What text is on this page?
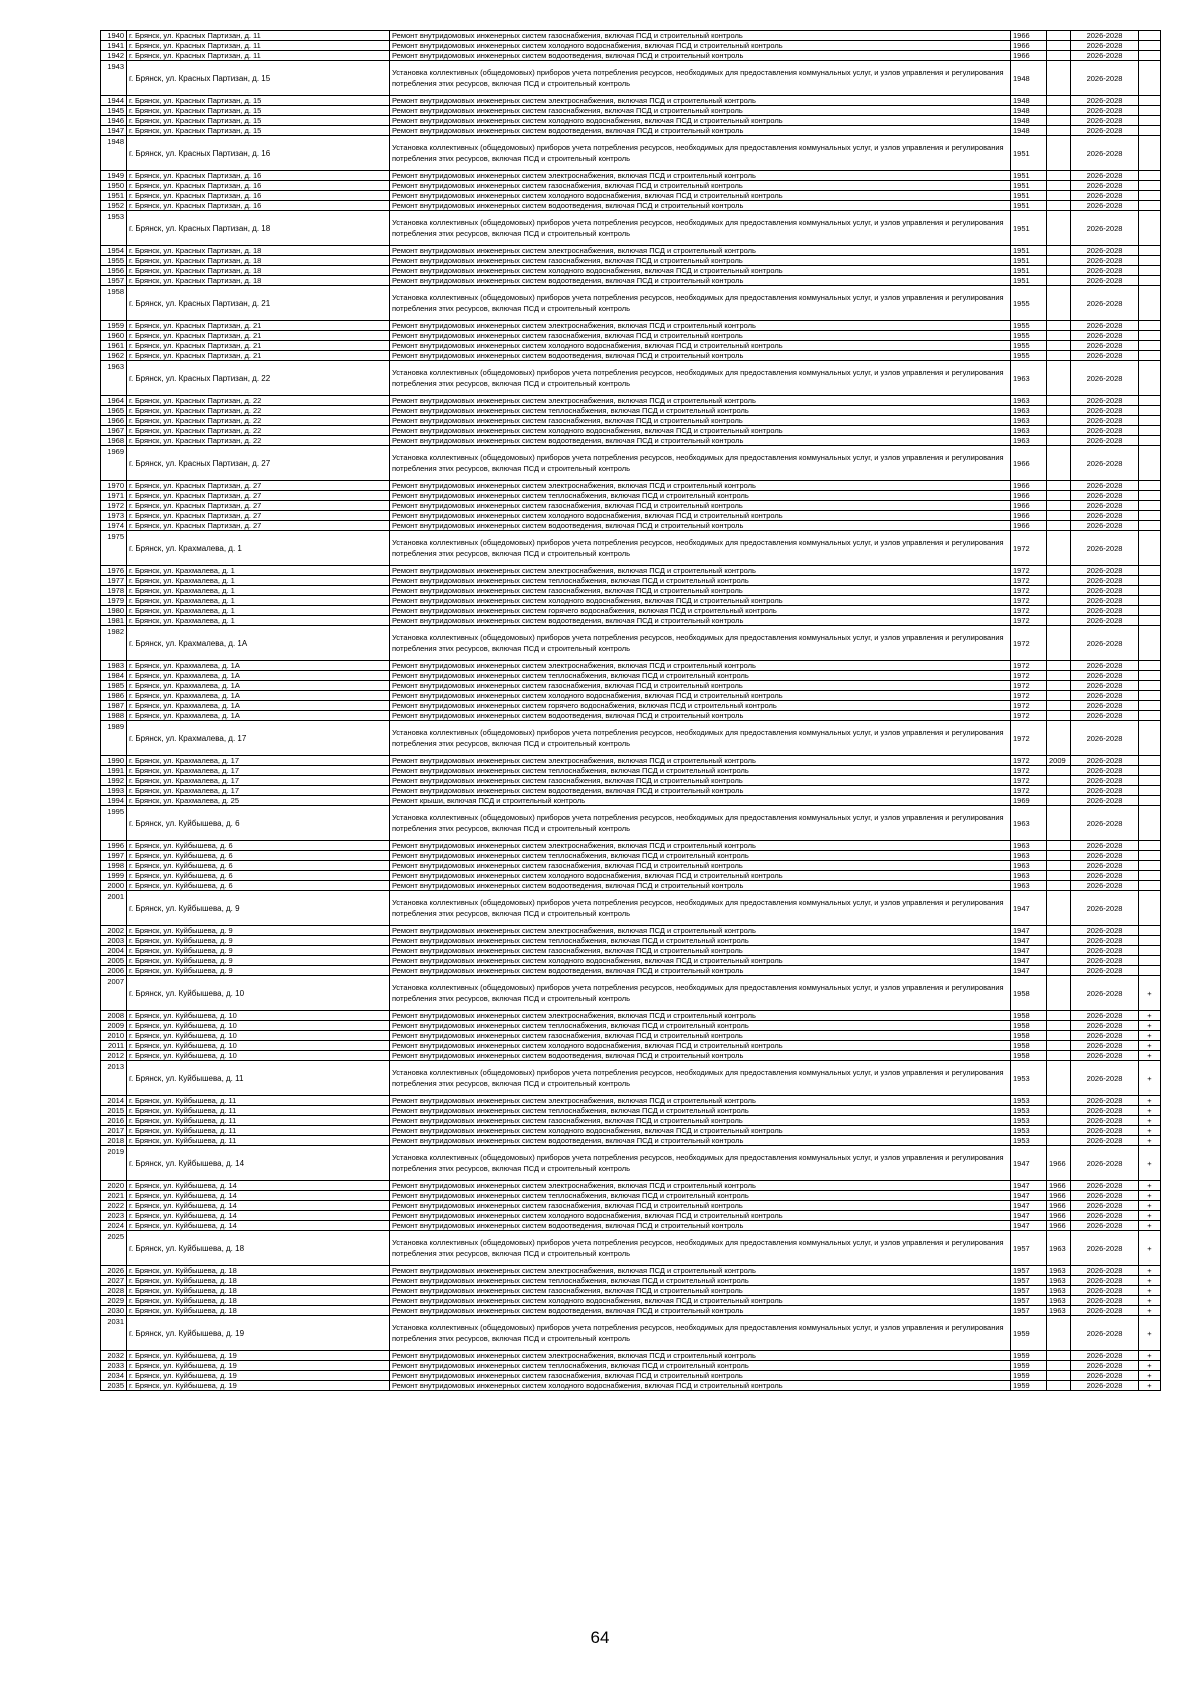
1940	г. Брянск, ул. Красных Партизан, д. 11	Ремонт внутридомовых инженерных систем газоснабжения, включая ПСД и строительный контроль	1966		2026-2028	
1941	г. Брянск, ул. Красных Партизан, д. 11	Ремонт внутридомовых инженерных систем холодного водоснабжения, включая ПСД и строительный контроль	1966		2026-2028	
1942	г. Брянск, ул. Красных Партизан, д. 11	Ремонт внутридомовых инженерных систем водоотведения, включая ПСД и строительный контроль	1966		2026-2028	
1943	г. Брянск, ул. Красных Партизан, д. 15	Установка коллективных (общедомовых) приборов учета потребления ресурсов, необходимых для предоставления коммунальных услуг, и узлов управления и регулирования потребления этих ресурсов, включая ПСД и строительный контроль	1948		2026-2028	
1944	г. Брянск, ул. Красных Партизан, д. 15	Ремонт внутридомовых инженерных систем электроснабжения, включая ПСД и строительный контроль	1948		2026-2028	
1945	г. Брянск, ул. Красных Партизан, д. 15	Ремонт внутридомовых инженерных систем газоснабжения, включая ПСД и строительный контроль	1948		2026-2028	
1946	г. Брянск, ул. Красных Партизан, д. 15	Ремонт внутридомовых инженерных систем холодного водоснабжения, включая ПСД и строительный контроль	1948		2026-2028	
1947	г. Брянск, ул. Красных Партизан, д. 15	Ремонт внутридомовых инженерных систем водоотведения, включая ПСД и строительный контроль	1948		2026-2028	
1948	г. Брянск, ул. Красных Партизан, д. 16	Установка коллективных (общедомовых) приборов учета потребления ресурсов, необходимых для предоставления коммунальных услуг, и узлов управления и регулирования потребления этих ресурсов, включая ПСД и строительный контроль	1951		2026-2028	
1949	г. Брянск, ул. Красных Партизан, д. 16	Ремонт внутридомовых инженерных систем электроснабжения, включая ПСД и строительный контроль	1951		2026-2028	
1950	г. Брянск, ул. Красных Партизан, д. 16	Ремонт внутридомовых инженерных систем газоснабжения, включая ПСД и строительный контроль	1951		2026-2028	
1951	г. Брянск, ул. Красных Партизан, д. 16	Ремонт внутридомовых инженерных систем холодного водоснабжения, включая ПСД и строительный контроль	1951		2026-2028	
1952	г. Брянск, ул. Красных Партизан, д. 16	Ремонт внутридомовых инженерных систем водоотведения, включая ПСД и строительный контроль	1951		2026-2028	
1953	г. Брянск, ул. Красных Партизан, д. 18	Установка коллективных (общедомовых) приборов учета потребления ресурсов, необходимых для предоставления коммунальных услуг, и узлов управления и регулирования потребления этих ресурсов, включая ПСД и строительный контроль	1951		2026-2028	
1954	г. Брянск, ул. Красных Партизан, д. 18	Ремонт внутридомовых инженерных систем электроснабжения, включая ПСД и строительный контроль	1951		2026-2028	
1955	г. Брянск, ул. Красных Партизан, д. 18	Ремонт внутридомовых инженерных систем газоснабжения, включая ПСД и строительный контроль	1951		2026-2028	
1956	г. Брянск, ул. Красных Партизан, д. 18	Ремонт внутридомовых инженерных систем холодного водоснабжения, включая ПСД и строительный контроль	1951		2026-2028	
1957	г. Брянск, ул. Красных Партизан, д. 18	Ремонт внутридомовых инженерных систем водоотведения, включая ПСД и строительный контроль	1951		2026-2028	
1958	г. Брянск, ул. Красных Партизан, д. 21	Установка коллективных (общедомовых) приборов учета потребления ресурсов, необходимых для предоставления коммунальных услуг, и узлов управления и регулирования потребления этих ресурсов, включая ПСД и строительный контроль	1955		2026-2028	
1959	г. Брянск, ул. Красных Партизан, д. 21	Ремонт внутридомовых инженерных систем электроснабжения, включая ПСД и строительный контроль	1955		2026-2028	
1960	г. Брянск, ул. Красных Партизан, д. 21	Ремонт внутридомовых инженерных систем газоснабжения, включая ПСД и строительный контроль	1955		2026-2028	
1961	г. Брянск, ул. Красных Партизан, д. 21	Ремонт внутридомовых инженерных систем холодного водоснабжения, включая ПСД и строительный контроль	1955		2026-2028	
1962	г. Брянск, ул. Красных Партизан, д. 21	Ремонт внутридомовых инженерных систем водоотведения, включая ПСД и строительный контроль	1955		2026-2028	
1963	г. Брянск, ул. Красных Партизан, д. 22	Установка коллективных (общедомовых) приборов учета потребления ресурсов, необходимых для предоставления коммунальных услуг, и узлов управления и регулирования потребления этих ресурсов, включая ПСД и строительный контроль	1963		2026-2028	
1964	г. Брянск, ул. Красных Партизан, д. 22	Ремонт внутридомовых инженерных систем электроснабжения, включая ПСД и строительный контроль	1963		2026-2028	
1965	г. Брянск, ул. Красных Партизан, д. 22	Ремонт внутридомовых инженерных систем теплоснабжения, включая ПСД и строительный контроль	1963		2026-2028	
1966	г. Брянск, ул. Красных Партизан, д. 22	Ремонт внутридомовых инженерных систем газоснабжения, включая ПСД и строительный контроль	1963		2026-2028	
1967	г. Брянск, ул. Красных Партизан, д. 22	Ремонт внутридомовых инженерных систем холодного водоснабжения, включая ПСД и строительный контроль	1963		2026-2028	
1968	г. Брянск, ул. Красных Партизан, д. 22	Ремонт внутридомовых инженерных систем водоотведения, включая ПСД и строительный контроль	1963		2026-2028	
1969	г. Брянск, ул. Красных Партизан, д. 27	Установка коллективных (общедомовых) приборов учета потребления ресурсов, необходимых для предоставления коммунальных услуг, и узлов управления и регулирования потребления этих ресурсов, включая ПСД и строительный контроль	1966		2026-2028	
1970	г. Брянск, ул. Красных Партизан, д. 27	Ремонт внутридомовых инженерных систем электроснабжения, включая ПСД и строительный контроль	1966		2026-2028	
1971	г. Брянск, ул. Красных Партизан, д. 27	Ремонт внутридомовых инженерных систем теплоснабжения, включая ПСД и строительный контроль	1966		2026-2028	
1972	г. Брянск, ул. Красных Партизан, д. 27	Ремонт внутридомовых инженерных систем газоснабжения, включая ПСД и строительный контроль	1966		2026-2028	
1973	г. Брянск, ул. Красных Партизан, д. 27	Ремонт внутридомовых инженерных систем холодного водоснабжения, включая ПСД и строительный контроль	1966		2026-2028	
1974	г. Брянск, ул. Красных Партизан, д. 27	Ремонт внутридомовых инженерных систем водоотведения, включая ПСД и строительный контроль	1966		2026-2028	
1975	г. Брянск, ул. Крахмалева, д. 1	Установка коллективных (общедомовых) приборов учета потребления ресурсов, необходимых для предоставления коммунальных услуг, и узлов управления и регулирования потребления этих ресурсов, включая ПСД и строительный контроль	1972		2026-2028	
1976	г. Брянск, ул. Крахмалева, д. 1	Ремонт внутридомовых инженерных систем электроснабжения, включая ПСД и строительный контроль	1972		2026-2028	
1977	г. Брянск, ул. Крахмалева, д. 1	Ремонт внутридомовых инженерных систем теплоснабжения, включая ПСД и строительный контроль	1972		2026-2028	
1978	г. Брянск, ул. Крахмалева, д. 1	Ремонт внутридомовых инженерных систем газоснабжения, включая ПСД и строительный контроль	1972		2026-2028	
1979	г. Брянск, ул. Крахмалева, д. 1	Ремонт внутридомовых инженерных систем холодного водоснабжения, включая ПСД и строительный контроль	1972		2026-2028	
1980	г. Брянск, ул. Крахмалева, д. 1	Ремонт внутридомовых инженерных систем горячего водоснабжения, включая ПСД и строительный контроль	1972		2026-2028	
1981	г. Брянск, ул. Крахмалева, д. 1	Ремонт внутридомовых инженерных систем водоотведения, включая ПСД и строительный контроль	1972		2026-2028	
1982	г. Брянск, ул. Крахмалева, д. 1А	Установка коллективных (общедомовых) приборов учета потребления ресурсов, необходимых для предоставления коммунальных услуг, и узлов управления и регулирования потребления этих ресурсов, включая ПСД и строительный контроль	1972		2026-2028	
1983	г. Брянск, ул. Крахмалева, д. 1А	Ремонт внутридомовых инженерных систем электроснабжения, включая ПСД и строительный контроль	1972		2026-2028	
1984	г. Брянск, ул. Крахмалева, д. 1А	Ремонт внутридомовых инженерных систем теплоснабжения, включая ПСД и строительный контроль	1972		2026-2028	
1985	г. Брянск, ул. Крахмалева, д. 1А	Ремонт внутридомовых инженерных систем газоснабжения, включая ПСД и строительный контроль	1972		2026-2028	
1986	г. Брянск, ул. Крахмалева, д. 1А	Ремонт внутридомовых инженерных систем холодного водоснабжения, включая ПСД и строительный контроль	1972		2026-2028	
1987	г. Брянск, ул. Крахмалева, д. 1А	Ремонт внутридомовых инженерных систем горячего водоснабжения, включая ПСД и строительный контроль	1972		2026-2028	
1988	г. Брянск, ул. Крахмалева, д. 1А	Ремонт внутридомовых инженерных систем водоотведения, включая ПСД и строительный контроль	1972		2026-2028	
1989	г. Брянск, ул. Крахмалева, д. 17	Установка коллективных (общедомовых) приборов учета потребления ресурсов, необходимых для предоставления коммунальных услуг, и узлов управления и регулирования потребления этих ресурсов, включая ПСД и строительный контроль	1972		2026-2028	
1990	г. Брянск, ул. Крахмалева, д. 17	Ремонт внутридомовых инженерных систем электроснабжения, включая ПСД и строительный контроль	1972	2009	2026-2028	
1991	г. Брянск, ул. Крахмалева, д. 17	Ремонт внутридомовых инженерных систем теплоснабжения, включая ПСД и строительный контроль	1972		2026-2028	
1992	г. Брянск, ул. Крахмалева, д. 17	Ремонт внутридомовых инженерных систем газоснабжения, включая ПСД и строительный контроль	1972		2026-2028	
1993	г. Брянск, ул. Крахмалева, д. 17	Ремонт внутридомовых инженерных систем водоотведения, включая ПСД и строительный контроль	1972		2026-2028	
1994	г. Брянск, ул. Крахмалева, д. 25	Ремонт крыши, включая ПСД и строительный контроль	1969		2026-2028	
1995	г. Брянск, ул. Куйбышева, д. 6	Установка коллективных (общедомовых) приборов учета потребления ресурсов, необходимых для предоставления коммунальных услуг, и узлов управления и регулирования потребления этих ресурсов, включая ПСД и строительный контроль	1963		2026-2028	
1996	г. Брянск, ул. Куйбышева, д. 6	Ремонт внутридомовых инженерных систем электроснабжения, включая ПСД и строительный контроль	1963		2026-2028	
1997	г. Брянск, ул. Куйбышева, д. 6	Ремонт внутридомовых инженерных систем теплоснабжения, включая ПСД и строительный контроль	1963		2026-2028	
1998	г. Брянск, ул. Куйбышева, д. 6	Ремонт внутридомовых инженерных систем газоснабжения, включая ПСД и строительный контроль	1963		2026-2028	
1999	г. Брянск, ул. Куйбышева, д. 6	Ремонт внутридомовых инженерных систем холодного водоснабжения, включая ПСД и строительный контроль	1963		2026-2028	
2000	г. Брянск, ул. Куйбышева, д. 6	Ремонт внутридомовых инженерных систем водоотведения, включая ПСД и строительный контроль	1963		2026-2028	
2001	г. Брянск, ул. Куйбышева, д. 9	Установка коллективных (общедомовых) приборов учета потребления ресурсов, необходимых для предоставления коммунальных услуг, и узлов управления и регулирования потребления этих ресурсов, включая ПСД и строительный контроль	1947		2026-2028	
2002	г. Брянск, ул. Куйбышева, д. 9	Ремонт внутридомовых инженерных систем электроснабжения, включая ПСД и строительный контроль	1947		2026-2028	
2003	г. Брянск, ул. Куйбышева, д. 9	Ремонт внутридомовых инженерных систем теплоснабжения, включая ПСД и строительный контроль	1947		2026-2028	
2004	г. Брянск, ул. Куйбышева, д. 9	Ремонт внутридомовых инженерных систем газоснабжения, включая ПСД и строительный контроль	1947		2026-2028	
2005	г. Брянск, ул. Куйбышева, д. 9	Ремонт внутридомовых инженерных систем холодного водоснабжения, включая ПСД и строительный контроль	1947		2026-2028	
2006	г. Брянск, ул. Куйбышева, д. 9	Ремонт внутридомовых инженерных систем водоотведения, включая ПСД и строительный контроль	1947		2026-2028	
2007	г. Брянск, ул. Куйбышева, д. 10	Установка коллективных (общедомовых) приборов учета потребления ресурсов, необходимых для предоставления коммунальных услуг, и узлов управления и регулирования потребления этих ресурсов, включая ПСД и строительный контроль	1958		2026-2028	+
2008	г. Брянск, ул. Куйбышева, д. 10	Ремонт внутридомовых инженерных систем электроснабжения, включая ПСД и строительный контроль	1958		2026-2028	+
2009	г. Брянск, ул. Куйбышева, д. 10	Ремонт внутридомовых инженерных систем теплоснабжения, включая ПСД и строительный контроль	1958		2026-2028	+
2010	г. Брянск, ул. Куйбышева, д. 10	Ремонт внутридомовых инженерных систем газоснабжения, включая ПСД и строительный контроль	1958		2026-2028	+
2011	г. Брянск, ул. Куйбышева, д. 10	Ремонт внутридомовых инженерных систем холодного водоснабжения, включая ПСД и строительный контроль	1958		2026-2028	+
2012	г. Брянск, ул. Куйбышева, д. 10	Ремонт внутридомовых инженерных систем водоотведения, включая ПСД и строительный контроль	1958		2026-2028	+
2013	г. Брянск, ул. Куйбышева, д. 11	Установка коллективных (общедомовых) приборов учета потребления ресурсов, необходимых для предоставления коммунальных услуг, и узлов управления и регулирования потребления этих ресурсов, включая ПСД и строительный контроль	1953		2026-2028	+
2014	г. Брянск, ул. Куйбышева, д. 11	Ремонт внутридомовых инженерных систем электроснабжения, включая ПСД и строительный контроль	1953		2026-2028	+
2015	г. Брянск, ул. Куйбышева, д. 11	Ремонт внутридомовых инженерных систем теплоснабжения, включая ПСД и строительный контроль	1953		2026-2028	+
2016	г. Брянск, ул. Куйбышева, д. 11	Ремонт внутридомовых инженерных систем газоснабжения, включая ПСД и строительный контроль	1953		2026-2028	+
2017	г. Брянск, ул. Куйбышева, д. 11	Ремонт внутридомовых инженерных систем холодного водоснабжения, включая ПСД и строительный контроль	1953		2026-2028	+
2018	г. Брянск, ул. Куйбышева, д. 11	Ремонт внутридомовых инженерных систем водоотведения, включая ПСД и строительный контроль	1953		2026-2028	+
2019	г. Брянск, ул. Куйбышева, д. 14	Установка коллективных (общедомовых) приборов учета потребления ресурсов, необходимых для предоставления коммунальных услуг, и узлов управления и регулирования потребления этих ресурсов, включая ПСД и строительный контроль	1947	1966	2026-2028	+
2020	г. Брянск, ул. Куйбышева, д. 14	Ремонт внутридомовых инженерных систем электроснабжения, включая ПСД и строительный контроль	1947	1966	2026-2028	+
2021	г. Брянск, ул. Куйбышева, д. 14	Ремонт внутридомовых инженерных систем теплоснабжения, включая ПСД и строительный контроль	1947	1966	2026-2028	+
2022	г. Брянск, ул. Куйбышева, д. 14	Ремонт внутридомовых инженерных систем газоснабжения, включая ПСД и строительный контроль	1947	1966	2026-2028	+
2023	г. Брянск, ул. Куйбышева, д. 14	Ремонт внутридомовых инженерных систем холодного водоснабжения, включая ПСД и строительный контроль	1947	1966	2026-2028	+
2024	г. Брянск, ул. Куйбышева, д. 14	Ремонт внутридомовых инженерных систем водоотведения, включая ПСД и строительный контроль	1947	1966	2026-2028	+
2025	г. Брянск, ул. Куйбышева, д. 18	Установка коллективных (общедомовых) приборов учета потребления ресурсов, необходимых для предоставления коммунальных услуг, и узлов управления и регулирования потребления этих ресурсов, включая ПСД и строительный контроль	1957	1963	2026-2028	+
2026	г. Брянск, ул. Куйбышева, д. 18	Ремонт внутридомовых инженерных систем электроснабжения, включая ПСД и строительный контроль	1957	1963	2026-2028	+
2027	г. Брянск, ул. Куйбышева, д. 18	Ремонт внутридомовых инженерных систем теплоснабжения, включая ПСД и строительный контроль	1957	1963	2026-2028	+
2028	г. Брянск, ул. Куйбышева, д. 18	Ремонт внутридомовых инженерных систем газоснабжения, включая ПСД и строительный контроль	1957	1963	2026-2028	+
2029	г. Брянск, ул. Куйбышева, д. 18	Ремонт внутридомовых инженерных систем холодного водоснабжения, включая ПСД и строительный контроль	1957	1963	2026-2028	+
2030	г. Брянск, ул. Куйбышева, д. 18	Ремонт внутридомовых инженерных систем водоотведения, включая ПСД и строительный контроль	1957	1963	2026-2028	+
2031	г. Брянск, ул. Куйбышева, д. 19	Установка коллективных (общедомовых) приборов учета потребления ресурсов, необходимых для предоставления коммунальных услуг, и узлов управления и регулирования потребления этих ресурсов, включая ПСД и строительный контроль	1959		2026-2028	+
2032	г. Брянск, ул. Куйбышева, д. 19	Ремонт внутридомовых инженерных систем электроснабжения, включая ПСД и строительный контроль	1959		2026-2028	+
2033	г. Брянск, ул. Куйбышева, д. 19	Ремонт внутридомовых инженерных систем теплоснабжения, включая ПСД и строительный контроль	1959		2026-2028	+
2034	г. Брянск, ул. Куйбышева, д. 19	Ремонт внутридомовых инженерных систем газоснабжения, включая ПСД и строительный контроль	1959		2026-2028	+
2035	г. Брянск, ул. Куйбышева, д. 19	Ремонт внутридомовых инженерных систем холодного водоснабжения, включая ПСД и строительный контроль	1959		2026-2028	+
64
